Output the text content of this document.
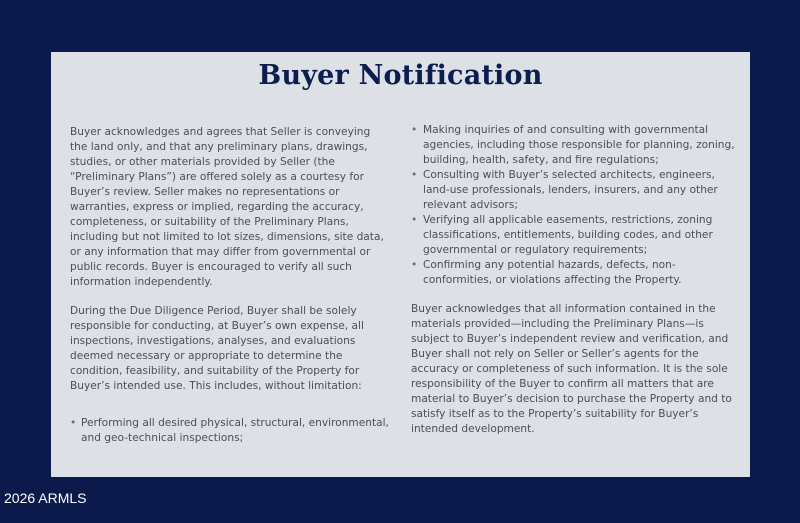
Buyer Notification

Buyer acknowledges and agrees that Seller is conveying the land only, and that any preliminary plans, drawings, studies, or other materials provided by Seller (the “Preliminary Plans”) are offered solely as a courtesy for Buyer’s review. Seller makes no representations or warranties, express or implied, regarding the accuracy, completeness, or suitability of the Preliminary Plans, including but not limited to lot sizes, dimensions, site data, or any information that may differ from governmental or public records. Buyer is encouraged to verify all such information independently.

During the Due Diligence Period, Buyer shall be solely responsible for conducting, at Buyer’s own expense, all inspections, investigations, analyses, and evaluations deemed necessary or appropriate to determine the condition, feasibility, and suitability of the Property for Buyer’s intended use. This includes, without limitation:

• Performing all desired physical, structural, environmental, and geo-technical inspections;
• Making inquiries of and consulting with governmental agencies, including those responsible for planning, zoning, building, health, safety, and fire regulations;
• Consulting with Buyer’s selected architects, engineers, land-use professionals, lenders, insurers, and any other relevant advisors;
• Verifying all applicable easements, restrictions, zoning classifications, entitlements, building codes, and other governmental or regulatory requirements;
• Confirming any potential hazards, defects, non-conformities, or violations affecting the Property.

Buyer acknowledges that all information contained in the materials provided—including the Preliminary Plans—is subject to Buyer’s independent review and verification, and Buyer shall not rely on Seller or Seller’s agents for the accuracy or completeness of such information. It is the sole responsibility of the Buyer to confirm all matters that are material to Buyer’s decision to purchase the Property and to satisfy itself as to the Property’s suitability for Buyer’s intended development.

2026 ARMLS
